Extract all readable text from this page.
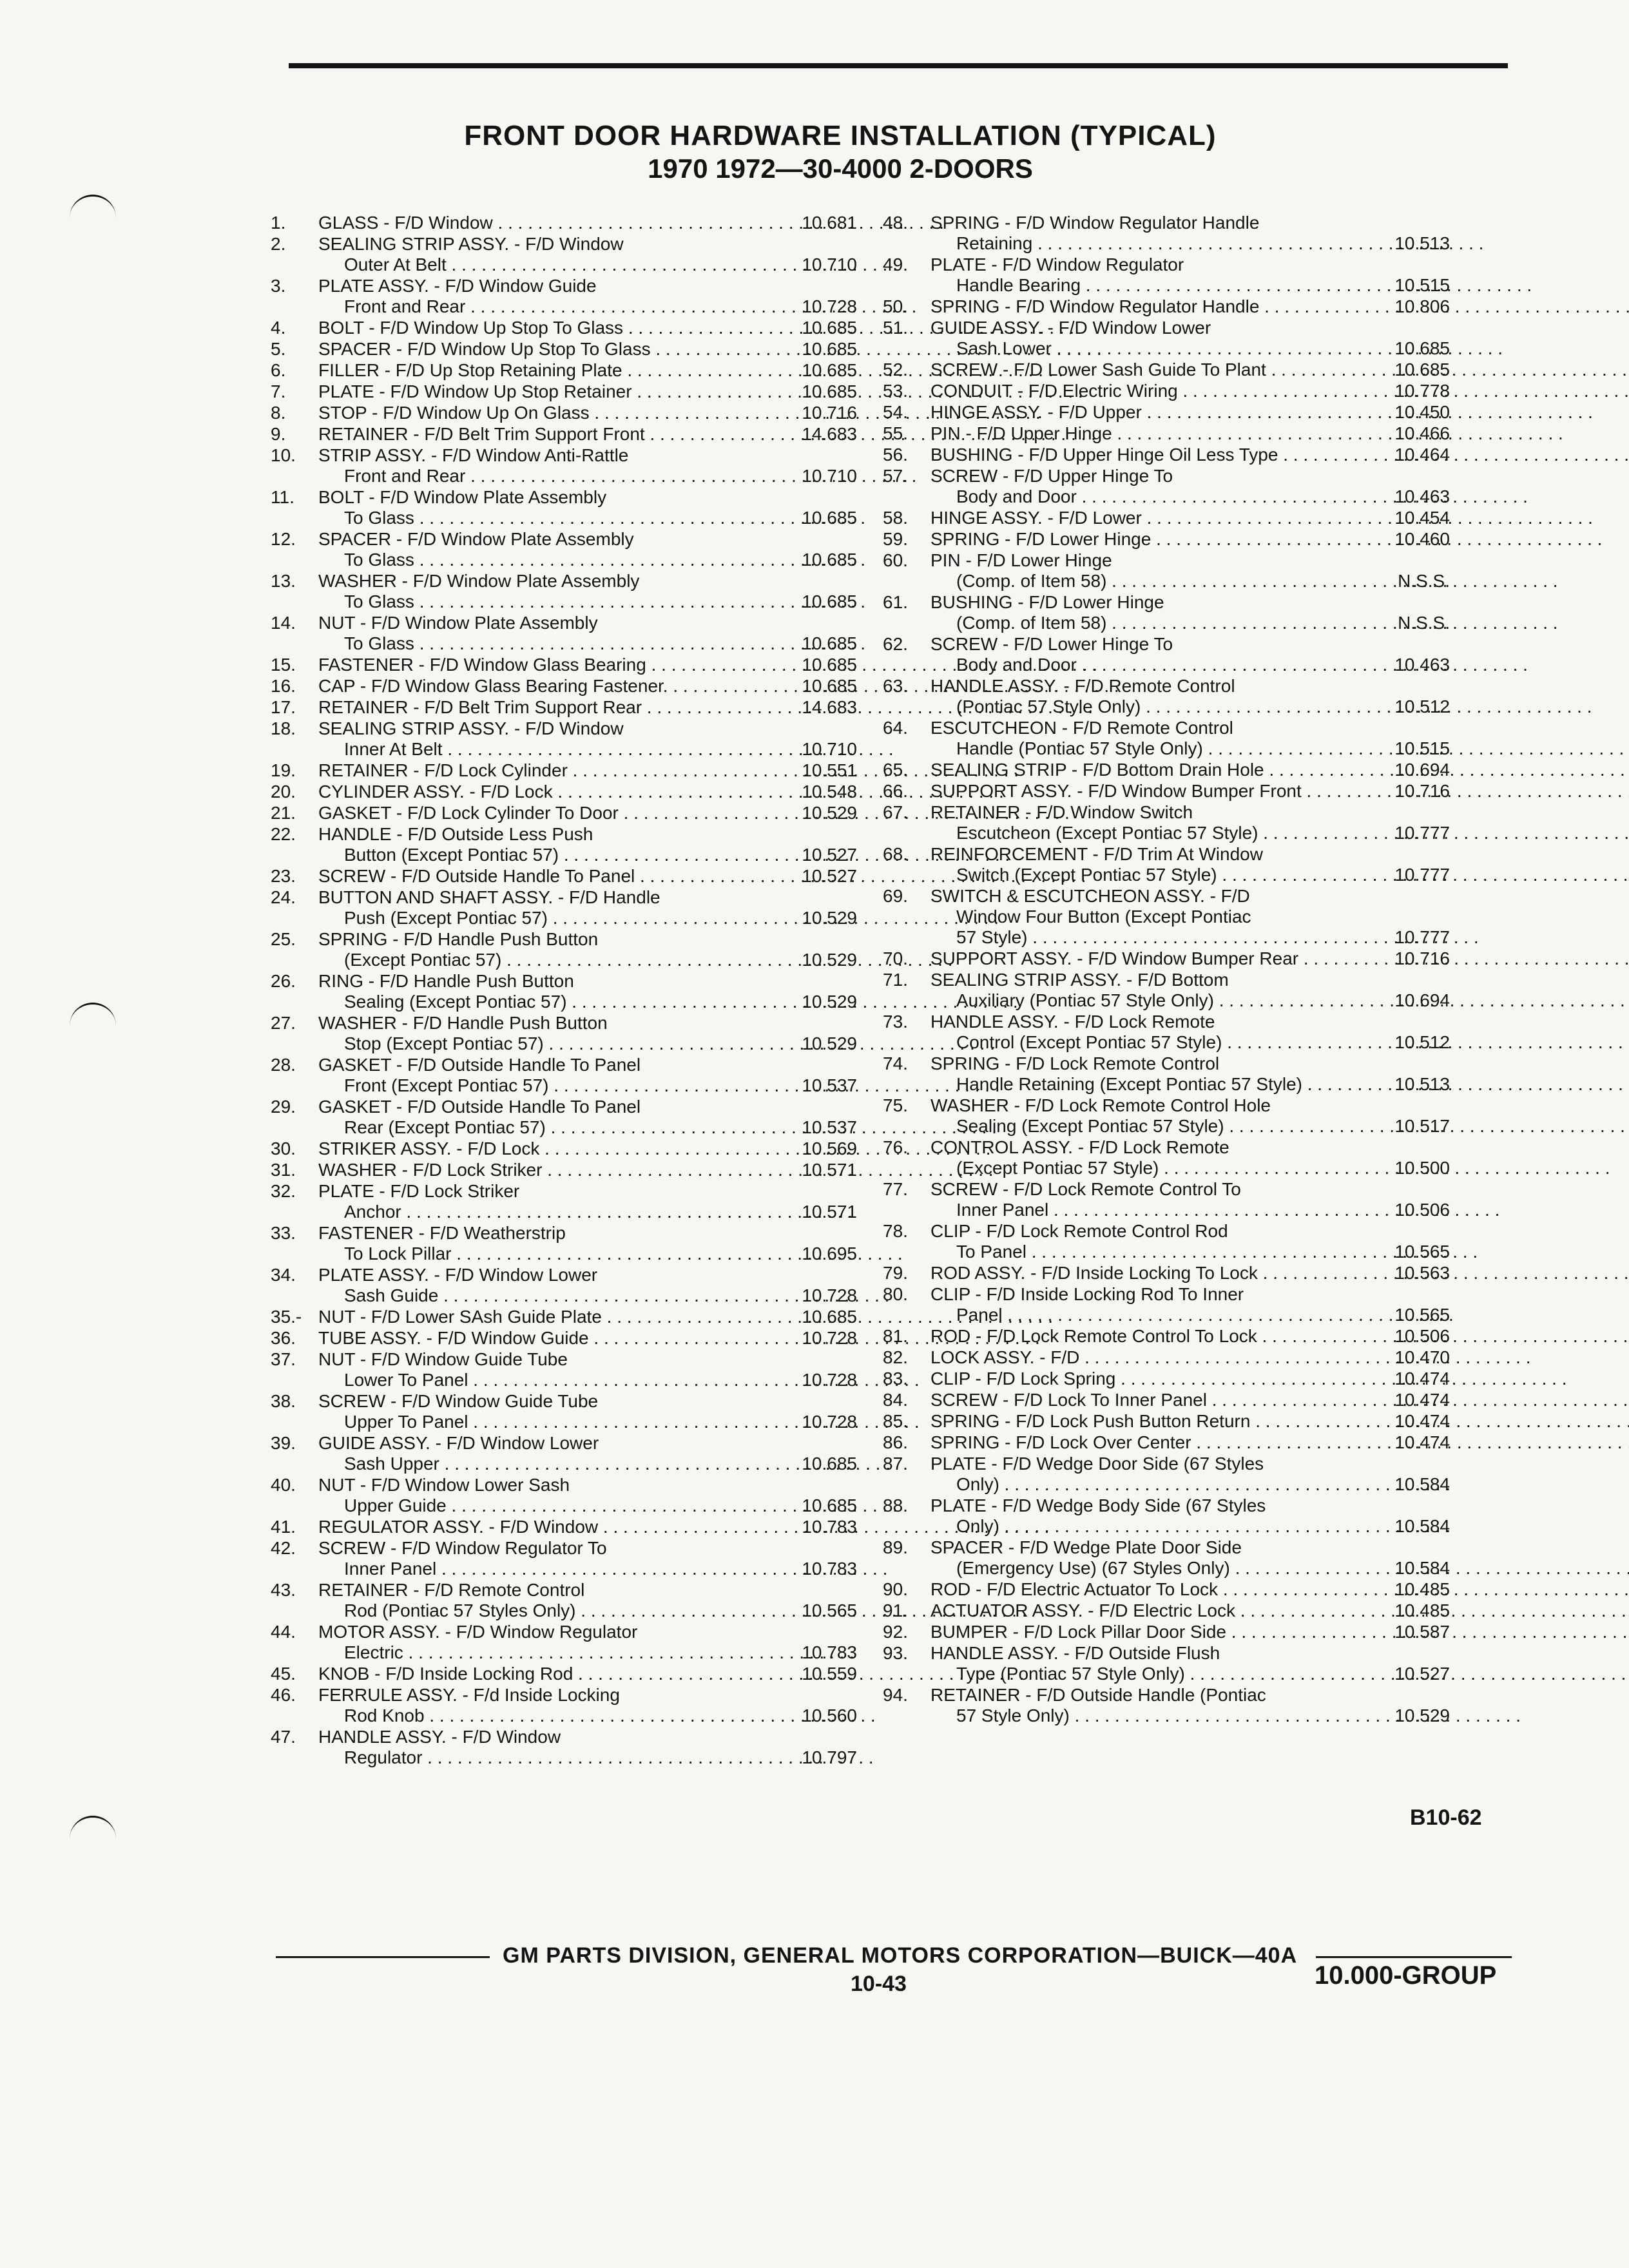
FRONT DOOR HARDWARE INSTALLATION (TYPICAL)
1970 1972—30-4000 2-DOORS
1.	GLASS - F/D Window . . .	10.681
2.	SEALING STRIP ASSY. - F/D Window
Outer At Belt . . .	10.710
3.	PLATE ASSY. - F/D Window Guide
Front and Rear . . .	10.728
4.	BOLT - F/D Window Up Stop To Glass . . .	10.685
5.	SPACER - F/D Window Up Stop To Glass . . .	10.685
6.	FILLER - F/D Up Stop Retaining Plate . . .	10.685
7.	PLATE - F/D Window Up Stop Retainer . . .	10.685
8.	STOP - F/D Window Up On Glass . . .	10.716
9.	RETAINER - F/D Belt Trim Support Front . . .	14.683
10.	STRIP ASSY. - F/D Window Anti-Rattle
Front and Rear . . .	10.710
11.	BOLT - F/D Window Plate Assembly
To Glass . . .	10.685
12.	SPACER - F/D Window Plate Assembly
To Glass . . .	10.685
13.	WASHER - F/D Window Plate Assembly
To Glass . . .	10.685
14.	NUT - F/D Window Plate Assembly
To Glass . . .	10.685
15.	FASTENER - F/D Window Glass Bearing . . .	10.685
16.	CAP - F/D Window Glass Bearing Fastener. . . .	10.685
17.	RETAINER - F/D Belt Trim Support Rear . . .	14.683
18.	SEALING STRIP ASSY. - F/D Window
Inner At Belt . . .	10.710
19.	RETAINER - F/D Lock Cylinder . . .	10.551
20.	CYLINDER ASSY. - F/D Lock . . .	10.548
21.	GASKET - F/D Lock Cylinder To Door . . .	10.529
22.	HANDLE - F/D Outside Less Push
Button (Except Pontiac 57) . . .	10.527
23.	SCREW - F/D Outside Handle To Panel . . .	10.527
24.	BUTTON AND SHAFT ASSY. - F/D Handle
Push (Except Pontiac 57) . . .	10.529
25.	SPRING - F/D Handle Push Button
(Except Pontiac 57) . . .	10.529
26.	RING - F/D Handle Push Button
Sealing (Except Pontiac 57) . . .	10.529
27.	WASHER - F/D Handle Push Button
Stop (Except Pontiac 57) . . .	10.529
28.	GASKET - F/D Outside Handle To Panel
Front (Except Pontiac 57) . . .	10.537
29.	GASKET - F/D Outside Handle To Panel
Rear (Except Pontiac 57) . . .	10.537
30.	STRIKER ASSY. - F/D Lock . . .	10.569
31.	WASHER - F/D Lock Striker . . .	10.571
32.	PLATE - F/D Lock Striker
Anchor . . .	10.571
33.	FASTENER - F/D Weatherstrip
To Lock Pillar . . .	10.695
34.	PLATE ASSY. - F/D Window Lower
Sash Guide . . .	10.728
35.- NUT - F/D Lower SAsh Guide Plate . . .	10.685
36.	TUBE ASSY. - F/D Window Guide . . .	10.728
37.	NUT - F/D Window Guide Tube
Lower To Panel . . .	10.728
38.	SCREW - F/D Window Guide Tube
Upper To Panel . . .	10.728
39.	GUIDE ASSY. - F/D Window Lower
Sash Upper . . .	10.685
40.	NUT - F/D Window Lower Sash
Upper Guide . . .	10.685
41.	REGULATOR ASSY. - F/D Window . . .	10.783
42.	SCREW - F/D Window Regulator To
Inner Panel . . .	10.783
43.	RETAINER - F/D Remote Control
Rod (Pontiac 57 Styles Only) . . .	10.565
44.	MOTOR ASSY. - F/D Window Regulator
Electric . . .	10.783
45.	KNOB - F/D Inside Locking Rod . . .	10.559
46.	FERRULE ASSY. - F/d Inside Locking
Rod Knob . . .	10.560
47.	HANDLE ASSY. - F/D Window
Regulator . . .	10.797
48.	SPRING - F/D Window Regulator Handle
Retaining . . .	10.513
49.	PLATE - F/D Window Regulator
Handle Bearing . . .	10.515
50.	SPRING - F/D Window Regulator Handle . . .	10.806
51.	GUIDE ASSY. - F/D Window Lower
Sash Lower . . .	10.685
52.	SCREW - F/D Lower Sash Guide To Plant . . .	10.685
53.	CONDUIT - F/D Electric Wiring . . .	10.778
54.	HINGE ASSY. - F/D Upper . . .	10.450
55.	PIN - F/D Upper Hinge . . .	10.466
56.	BUSHING - F/D Upper Hinge Oil Less Type . . .	10.464
57.	SCREW - F/D Upper Hinge To
Body and Door . . .	10.463
58.	HINGE ASSY. - F/D Lower . . .	10.454
59.	SPRING - F/D Lower Hinge . . .	10.460
60.	PIN - F/D Lower Hinge
(Comp. of Item 58) . . .	N.S.S.
61.	BUSHING - F/D Lower Hinge
(Comp. of Item 58) . . .	N.S.S.
62.	SCREW - F/D Lower Hinge To
Body and Door . . .	10.463
63.	HANDLE ASSY. - F/D Remote Control
(Pontiac 57 Style Only) . . .	10.512
64.	ESCUTCHEON - F/D Remote Control
Handle (Pontiac 57 Style Only) . . .	10.515
65.	SEALING STRIP - F/D Bottom Drain Hole . . .	10.694
66.	SUPPORT ASSY. - F/D Window Bumper Front . . .	10.716
67.	RETAINER - F/D Window Switch
Escutcheon (Except Pontiac 57 Style) . . .	10.777
68.	REINFORCEMENT - F/D Trim At Window
Switch (Except Pontiac 57 Style) . . .	10.777
69.	SWITCH & ESCUTCHEON ASSY. - F/D
Window Four Button (Except Pontiac
57 Style) . . .	10.777
70.	SUPPORT ASSY. - F/D Window Bumper Rear . . .	10.716
71.	SEALING STRIP ASSY. - F/D Bottom
Auxiliary (Pontiac 57 Style Only) . . .	10.694
73.	HANDLE ASSY. - F/D Lock Remote
Control (Except Pontiac 57 Style) . . .	10.512
74.	SPRING - F/D Lock Remote Control
Handle Retaining (Except Pontiac 57 Style) . . .	10.513
75.	WASHER - F/D Lock Remote Control Hole
Sealing (Except Pontiac 57 Style) . . .	10.517
76.	CONTROL ASSY. - F/D Lock Remote
(Except Pontiac 57 Style) . . .	10.500
77.	SCREW - F/D Lock Remote Control To
Inner Panel . . .	10.506
78.	CLIP - F/D Lock Remote Control Rod
To Panel . . .	10.565
79.	ROD ASSY. - F/D Inside Locking To Lock . . .	10.563
80.	CLIP - F/D Inside Locking Rod To Inner
Panel . . .	10.565
81.	ROD - F/D Lock Remote Control To Lock . . .	10.506
82.	LOCK ASSY. - F/D . . .	10.470
83.	CLIP - F/D Lock Spring . . .	10.474
84.	SCREW - F/D Lock To Inner Panel . . .	10.474
85.	SPRING - F/D Lock Push Button Return . . .	10.474
86.	SPRING - F/D Lock Over Center . . .	10.474
87.	PLATE - F/D Wedge Door Side (67 Styles
Only) . . .	10.584
88.	PLATE - F/D Wedge Body Side (67 Styles
Only) . . .	10.584
89.	SPACER - F/D Wedge Plate Door Side
(Emergency Use) (67 Styles Only) . . .	10.584
90.	ROD - F/D Electric Actuator To Lock . . .	10.485
91.	ACTUATOR ASSY. - F/D Electric Lock . . .	10.485
92.	BUMPER - F/D Lock Pillar Door Side . . .	10.587
93.	HANDLE ASSY. - F/D Outside Flush
Type (Pontiac 57 Style Only) . . .	10.527
94.	RETAINER - F/D Outside Handle (Pontiac
57 Style Only) . . .	10.529
B10-62
GM PARTS DIVISION, GENERAL MOTORS CORPORATION—BUICK—40A
10-43	10.000-GROUP
